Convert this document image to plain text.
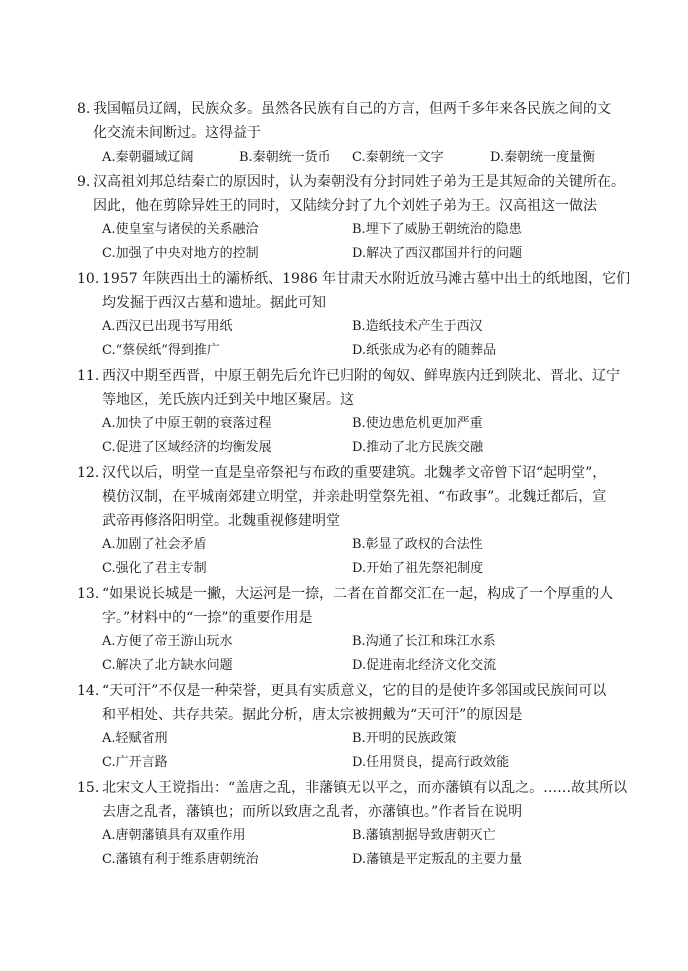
8. 我国幅员辽阔，民族众多。虽然各民族有自己的方言，但两千多年来各民族之间的文
化交流未间断过。这得益于
A.秦朝疆域辽阔	B.秦朝统一货币 C.秦朝统一文字	D.秦朝统一度量衡
9. 汉高祖刘邦总结秦亡的原因时，认为秦朝没有分封同姓子弟为王是其短命的关键所在。
因此，他在剪除异姓王的同时，又陆续分封了九个刘姓子弟为王。汉高祖这一做法
A.使皇室与诸侯的关系融洽	B.埋下了威胁王朝统治的隐患
C.加强了中央对地方的控制	D.解决了西汉郡国并行的问题
10. 1957 年陕西出土的灞桥纸、1986 年甘肃天水附近放马滩古墓中出土的纸地图，它们
均发掘于西汉古墓和遗址。据此可知
A.西汉已出现书写用纸	B.造纸技术产生于西汉
C.“蔡侯纸”得到推广	D.纸张成为必有的随葬品
11. 西汉中期至西晋，中原王朝先后允许已归附的匈奴、鲜卑族内迁到陕北、晋北、辽宁
等地区，羌氏族内迁到关中地区聚居。这
A.加快了中原王朝的衰落过程	B.使边患危机更加严重
C.促进了区域经济的均衡发展	D.推动了北方民族交融
12. 汉代以后，明堂一直是皇帝祭祀与布政的重要建筑。北魏孝文帝曾下诏“起明堂”，
模仿汉制，在平城南郊建立明堂，并亲赴明堂祭先祖、“布政事”。北魏迁都后，宣
武帝再修洛阳明堂。北魏重视修建明堂
A.加剧了社会矛盾	B.彰显了政权的合法性
C.强化了君主专制	D.开始了祖先祭祀制度
13. “如果说长城是一撇，大运河是一捺，二者在首都交汇在一起，构成了一个厚重的人
字。”材料中的“一捺”的重要作用是
A.方便了帝王游山玩水	B.沟通了长江和珠江水系
C.解决了北方缺水问题	D.促进南北经济文化交流
14. “天可汗”不仅是一种荣誉，更具有实质意义，它的目的是使许多邻国或民族间可以
和平相处、共存共荣。据此分析，唐太宗被拥戴为“天可汗”的原因是
A.轻赋省刑	B.开明的民族政策
C.广开言路	D.任用贤良，提高行政效能
15. 北宋文人王谠指出：“盖唐之乱，非藩镇无以平之，而亦藩镇有以乱之。……故其所以
去唐之乱者，藩镇也；而所以致唐之乱者，亦藩镇也。”作者旨在说明
A.唐朝藩镇具有双重作用	B.藩镇割据导致唐朝灭亡
C.藩镇有利于维系唐朝统治	D.藩镇是平定叛乱的主要力量
